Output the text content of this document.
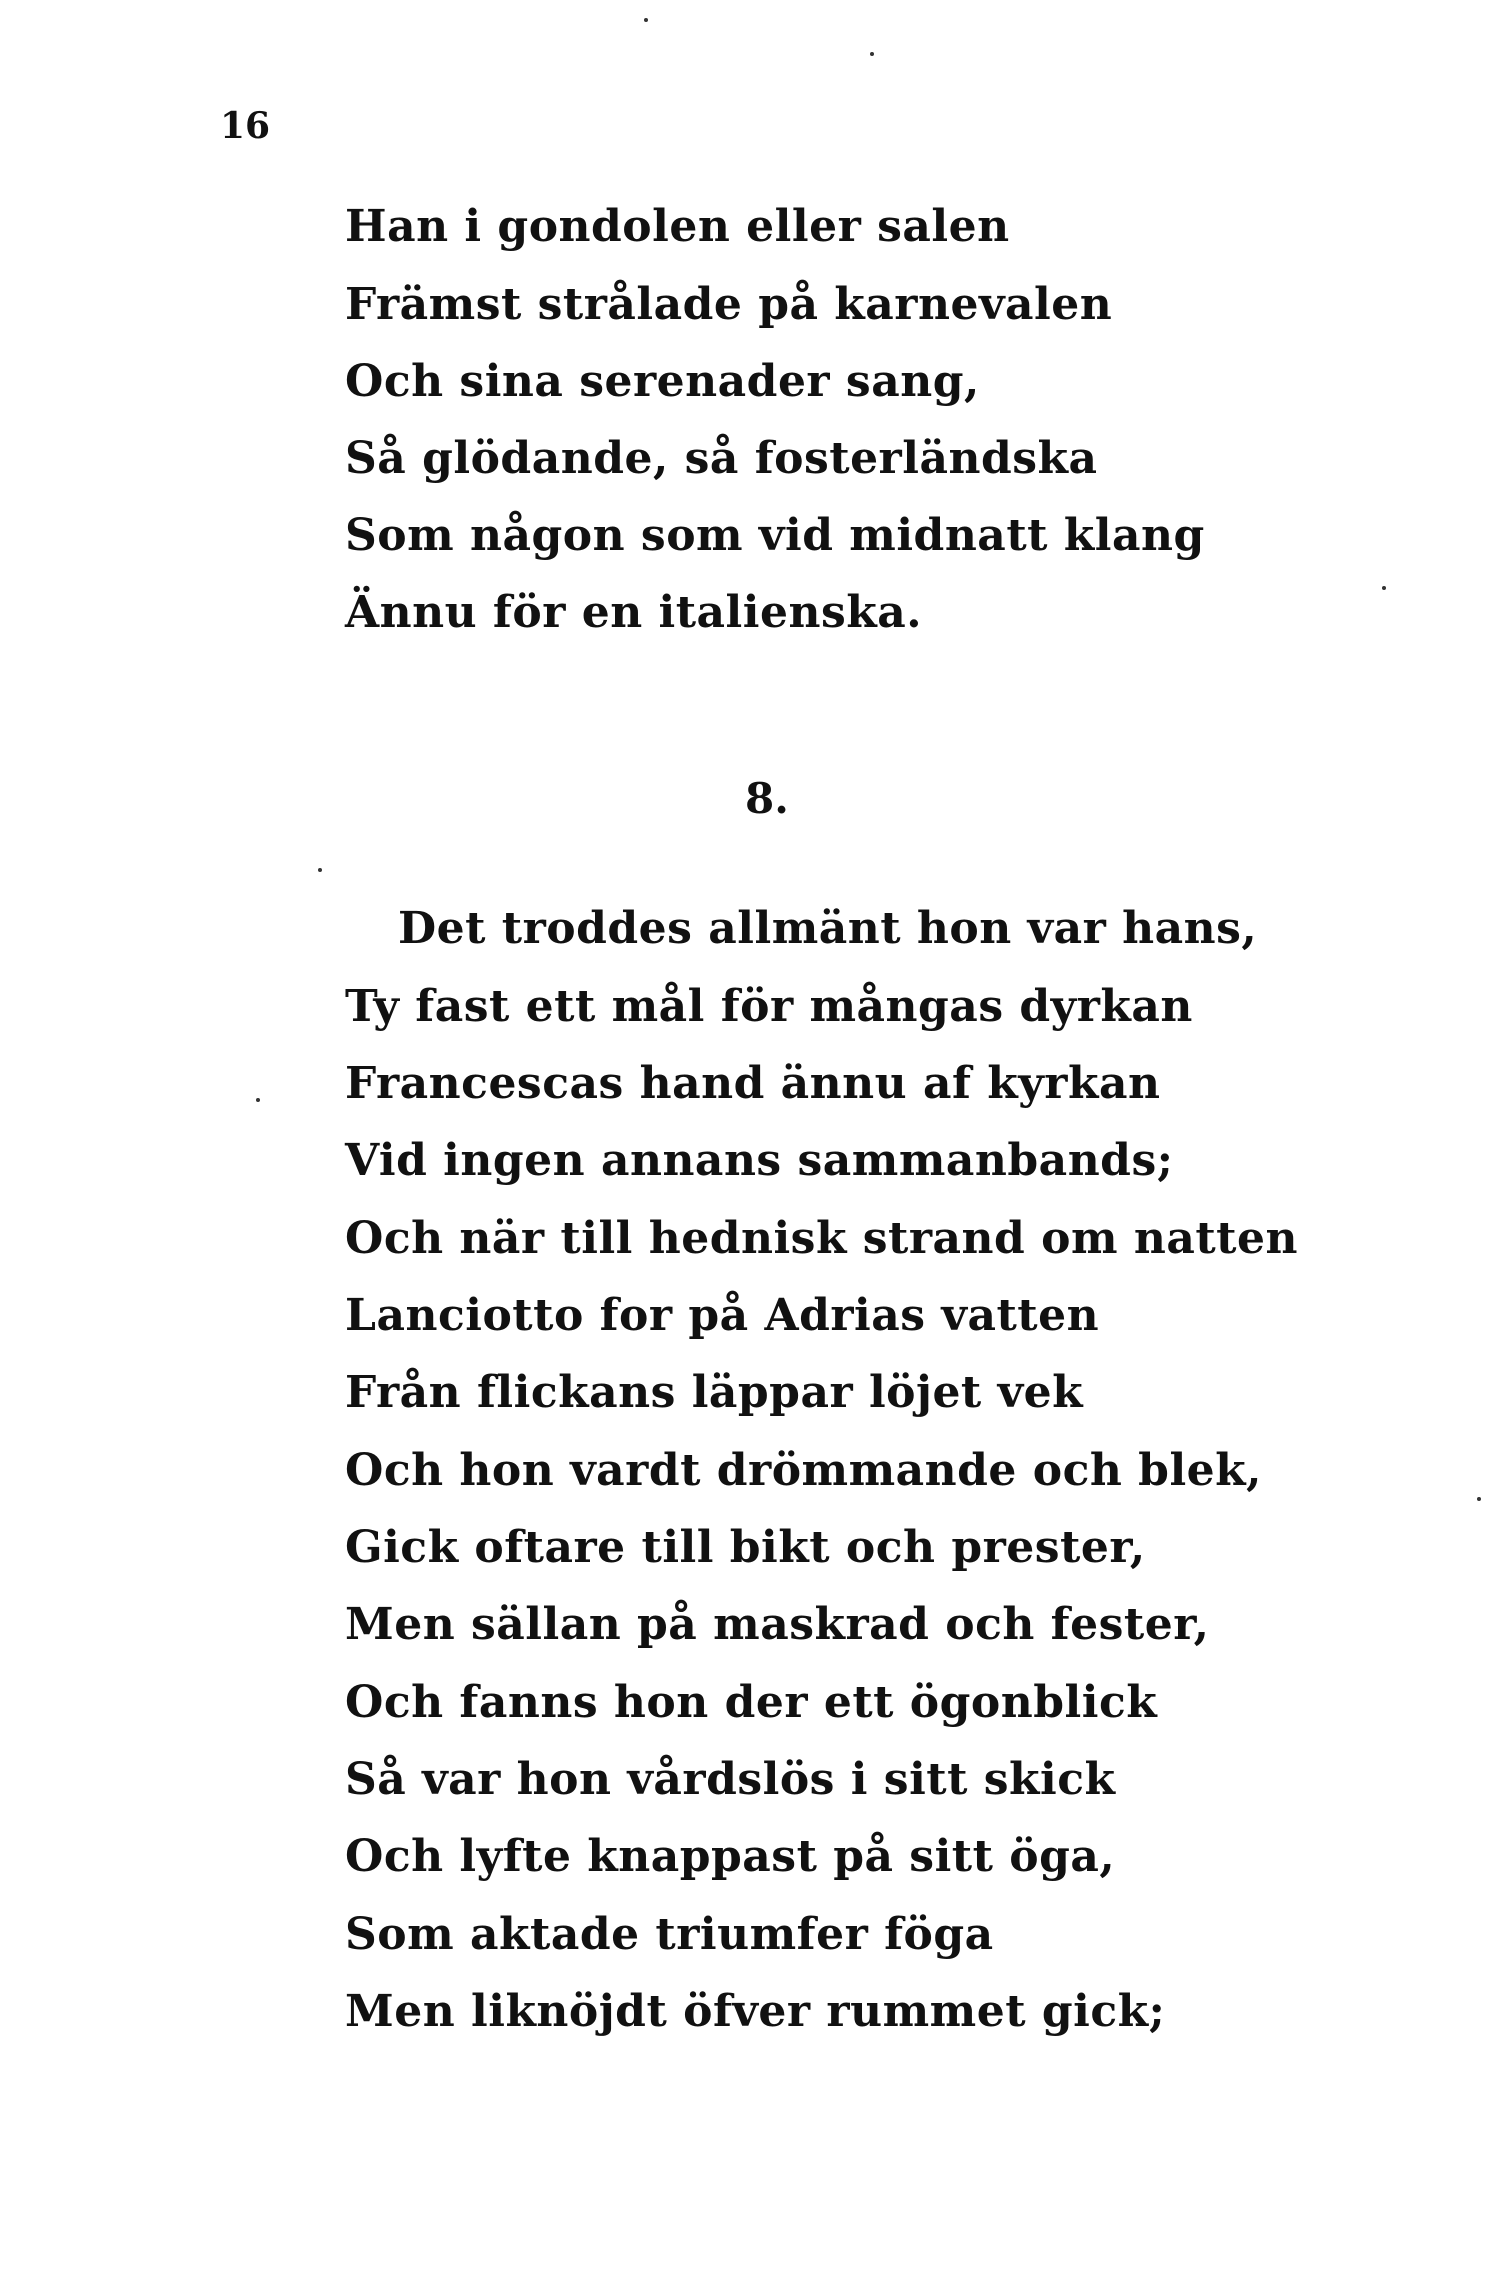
16
Han i gondolen eller salen
Främst strålade på karnevalen
Och sina serenader sang,
Så glödande, så fosterländska
Som någon som vid midnatt klang
Ännu för en italienska.
8.
Det troddes allmänt hon var hans,
Ty fast ett mål för mångas dyrkan
Francescas hand ännu af kyrkan
Vid ingen annans sammanbands;
Och när till hednisk strand om natten
Lanciotto for på Adrias vatten
Från flickans läppar löjet vek
Och hon vardt drömmande och blek,
Gick oftare till bikt och prester,
Men sällan på maskrad och fester,
Och fanns hon der ett ögonblick
Så var hon vårdslös i sitt skick
Och lyfte knappast på sitt öga,
Som aktade triumfer föga
Men liknöjdt öfver rummet gick;
